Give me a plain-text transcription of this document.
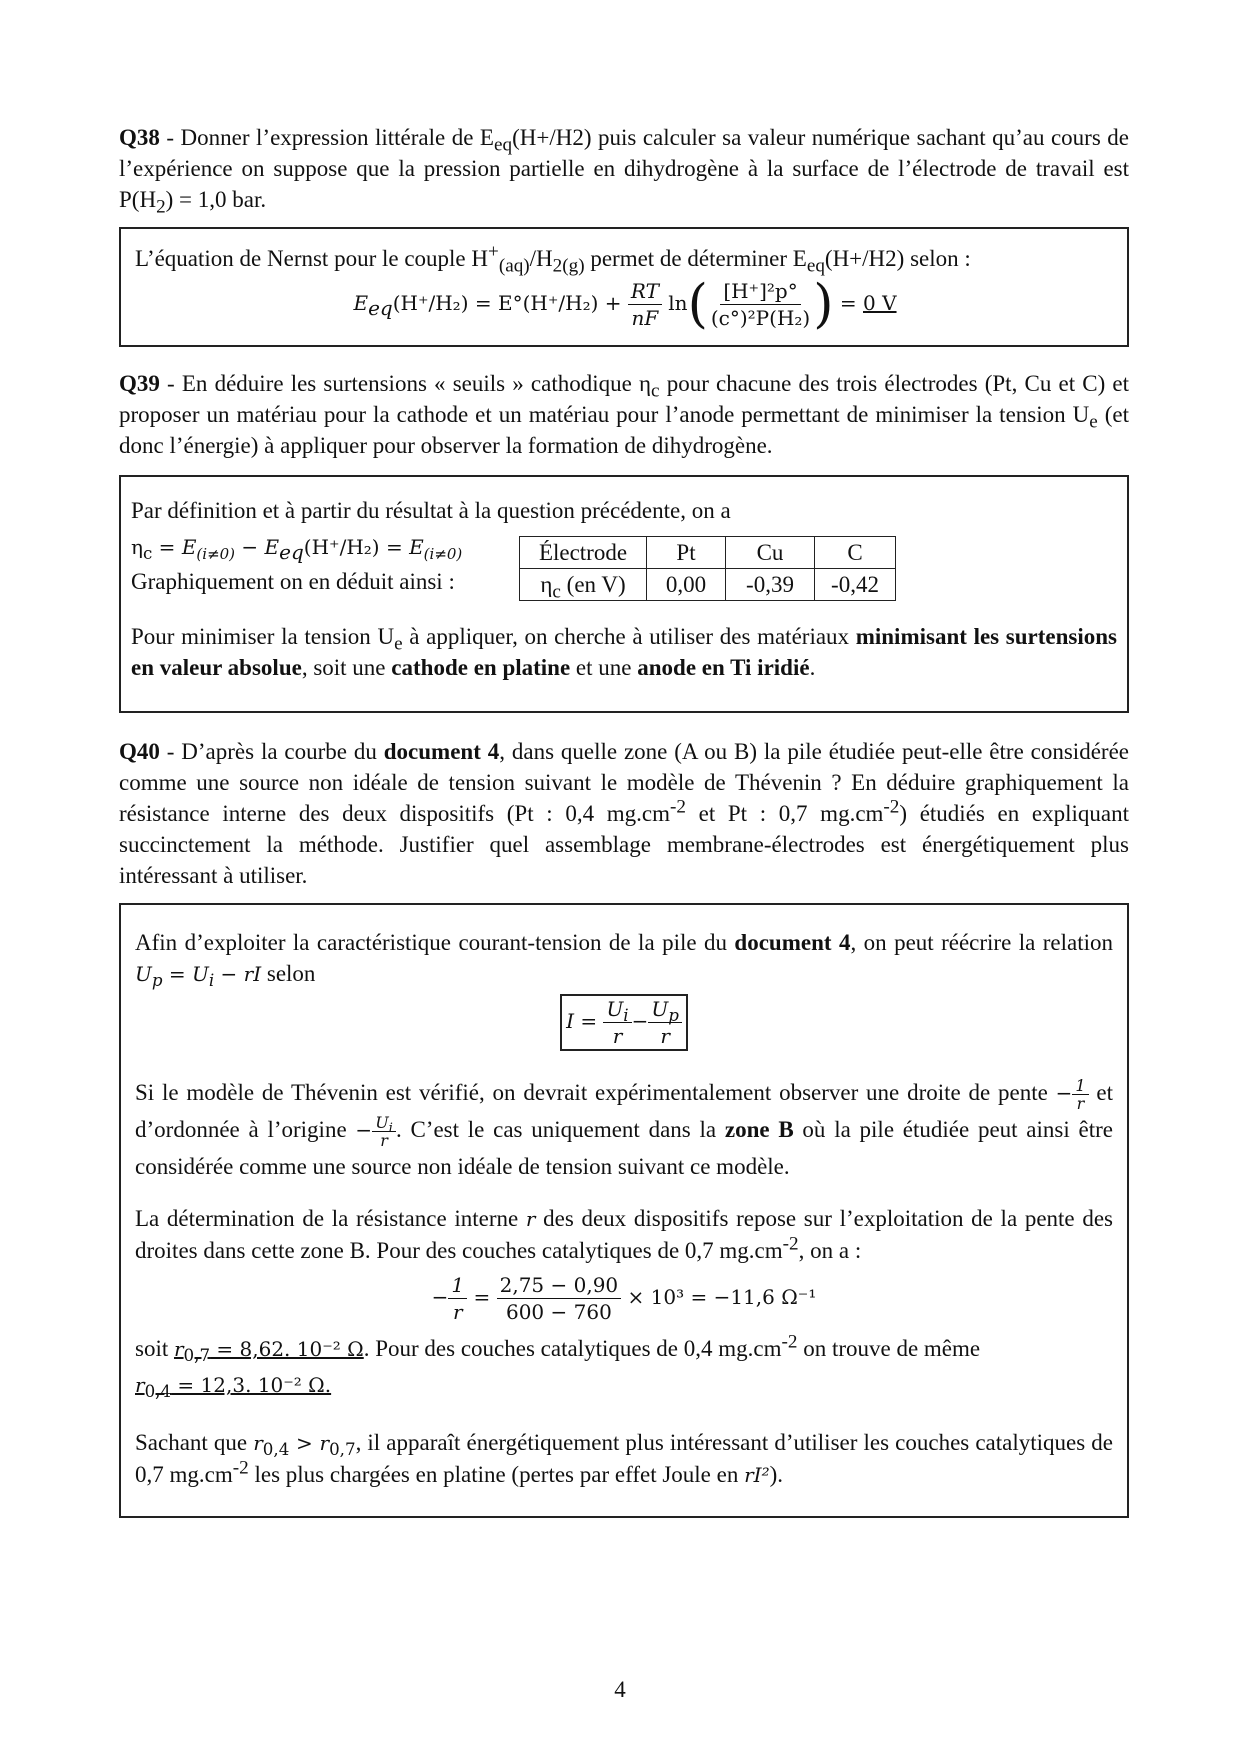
Q38 - Donner l’expression littérale de $E_{eq}(H+/H2)$ puis calculer sa valeur numérique sachant qu’au cours de l’expérience on suppose que la pression partielle en dihydrogène à la surface de l’électrode de travail est $P(H_2) = 1,0$ bar.

L’équation de Nernst pour le couple $H^+_{(aq)}/H_{2(g)}$ permet de déterminer $E_{eq}(H+/H2)$ selon :

$E_{eq}(H^+/H_2) = E^\circ(H^+/H_2) + \frac{RT}{nF} \ln( \frac{\text{[H⁺]²p°}}{\text{(c°)²P(H₂)}}$ ) = 0 V

Q39 - En déduire les surtensions « seuils » cathodique $\eta_c$ pour chacune des trois électrodes (Pt, Cu et C) et proposer un matériau pour la cathode et un matériau pour l’anode permettant de minimiser la tension $U_e$ (et donc l’énergie) à appliquer pour observer la formation de dihydrogène.

Par définition et à partir du résultat à la question précédente, on a

$\eta_c = E_{(i\ne 0)} - E_{eq}(H^+/H_2) = E_{(i\ne 0)}$

Graphiquement on en déduit ainsi :

Électrode	Pt	Cu	C
$\eta_c$ (en V)	0,00	-0,39	-0,42

Pour minimiser la tension $U_e$ à appliquer, on cherche à utiliser des matériaux minimisant les surtensions en valeur absolue, soit une cathode en platine et une anode en Ti iridié.

Q40 - D’après la courbe du document 4, dans quelle zone (A ou B) la pile étudiée peut-elle être considérée comme une source non idéale de tension suivant le modèle de Thévenin ? En déduire graphiquement la résistance interne des deux dispositifs (Pt : 0,4 $mg.cm^{-2}$ et Pt : 0,7 $mg.cm^{-2}$) étudiés en expliquant succinctement la méthode. Justifier quel assemblage membrane-électrodes est énergétiquement plus intéressant à utiliser.

Afin d’exploiter la caractéristique courant-tension de la pile du document 4, on peut réécrire la relation $U_p = U_i$ − rI selon

$I = \frac{U_i}{r} - \frac{U_p}{r}$

Si le modèle de Thévenin est vérifié, on devrait expérimentalement observer une droite de pente − $\frac{1}{r}$ et d’ordonnée à l’origine − $\frac{U_i}{r}$ . C’est le cas uniquement dans la zone B où la pile étudiée peut ainsi être considérée comme une source non idéale de tension suivant ce modèle.

La détermination de la résistance interne r des deux dispositifs repose sur l’exploitation de la pente des droites dans cette zone B. Pour des couches catalytiques de 0,7 $mg.cm^{-2}$, on a :

− $\frac{1}{r} = \frac{2,75 - 0,90}{600 - 760} \times 10^3 = -11,6$ Ω⁻¹

soit $r_{0,7} = 8,62$. 10⁻² Ω. Pour des couches catalytiques de 0,4 $mg.cm^{-2}$ on trouve de même

$r_{0,4} = 12,3$. 10⁻² Ω.

Sachant que $r_{0,4} > r_{0,7}$, il apparaît énergétiquement plus intéressant d’utiliser les couches catalytiques de 0,7 $mg.cm^{-2}$ les plus chargées en platine (pertes par effet Joule en rI²).

4
